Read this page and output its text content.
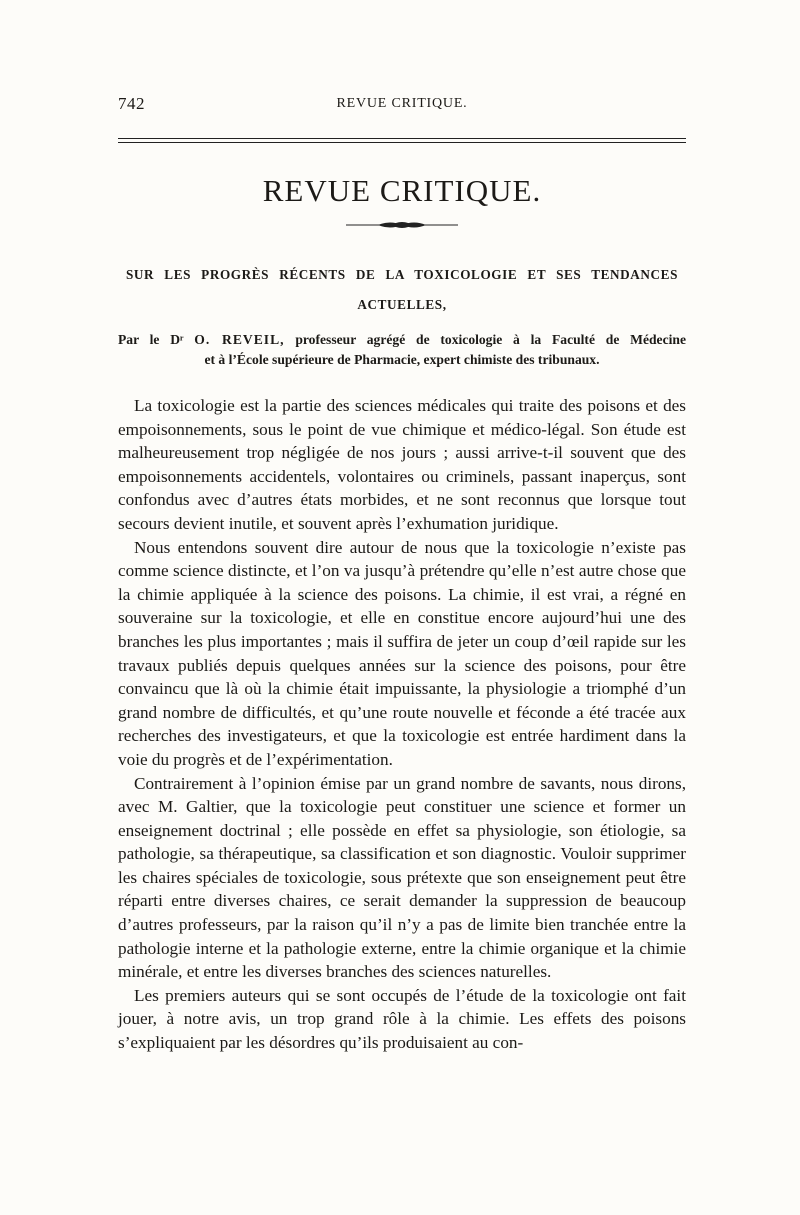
742	REVUE CRITIQUE.
REVUE CRITIQUE.
SUR LES PROGRÈS RÉCENTS DE LA TOXICOLOGIE ET SES TENDANCES
ACTUELLES,
Par le Dʳ O. REVEIL, professeur agrégé de toxicologie à la Faculté de Médecine
et à l’École supérieure de Pharmacie, expert chimiste des tribunaux.

La toxicologie est la partie des sciences médicales qui traite des poisons et des empoisonnements, sous le point de vue chimique et médico-légal. Son étude est malheureusement trop négligée de nos jours ; aussi arrive-t-il souvent que des empoisonnements accidentels, volontaires ou criminels, passant inaperçus, sont confondus avec d’autres états morbides, et ne sont reconnus que lorsque tout secours devient inutile, et souvent après l’exhumation juridique.

Nous entendons souvent dire autour de nous que la toxicologie n’existe pas comme science distincte, et l’on va jusqu’à prétendre qu’elle n’est autre chose que la chimie appliquée à la science des poisons. La chimie, il est vrai, a régné en souveraine sur la toxicologie, et elle en constitue encore aujourd’hui une des branches les plus importantes ; mais il suffira de jeter un coup d’œil rapide sur les travaux publiés depuis quelques années sur la science des poisons, pour être convaincu que là où la chimie était impuissante, la physiologie a triomphé d’un grand nombre de difficultés, et qu’une route nouvelle et féconde a été tracée aux recherches des investigateurs, et que la toxicologie est entrée hardiment dans la voie du progrès et de l’expérimentation.

Contrairement à l’opinion émise par un grand nombre de savants, nous dirons, avec M. Galtier, que la toxicologie peut constituer une science et former un enseignement doctrinal ; elle possède en effet sa physiologie, son étiologie, sa pathologie, sa thérapeutique, sa classification et son diagnostic. Vouloir supprimer les chaires spéciales de toxicologie, sous prétexte que son enseignement peut être réparti entre diverses chaires, ce serait demander la suppression de beaucoup d’autres professeurs, par la raison qu’il n’y a pas de limite bien tranchée entre la pathologie interne et la pathologie externe, entre la chimie organique et la chimie minérale, et entre les diverses branches des sciences naturelles.

Les premiers auteurs qui se sont occupés de l’étude de la toxicologie ont fait jouer, à notre avis, un trop grand rôle à la chimie. Les effets des poisons s’expliquaient par les désordres qu’ils produisaient au con-
